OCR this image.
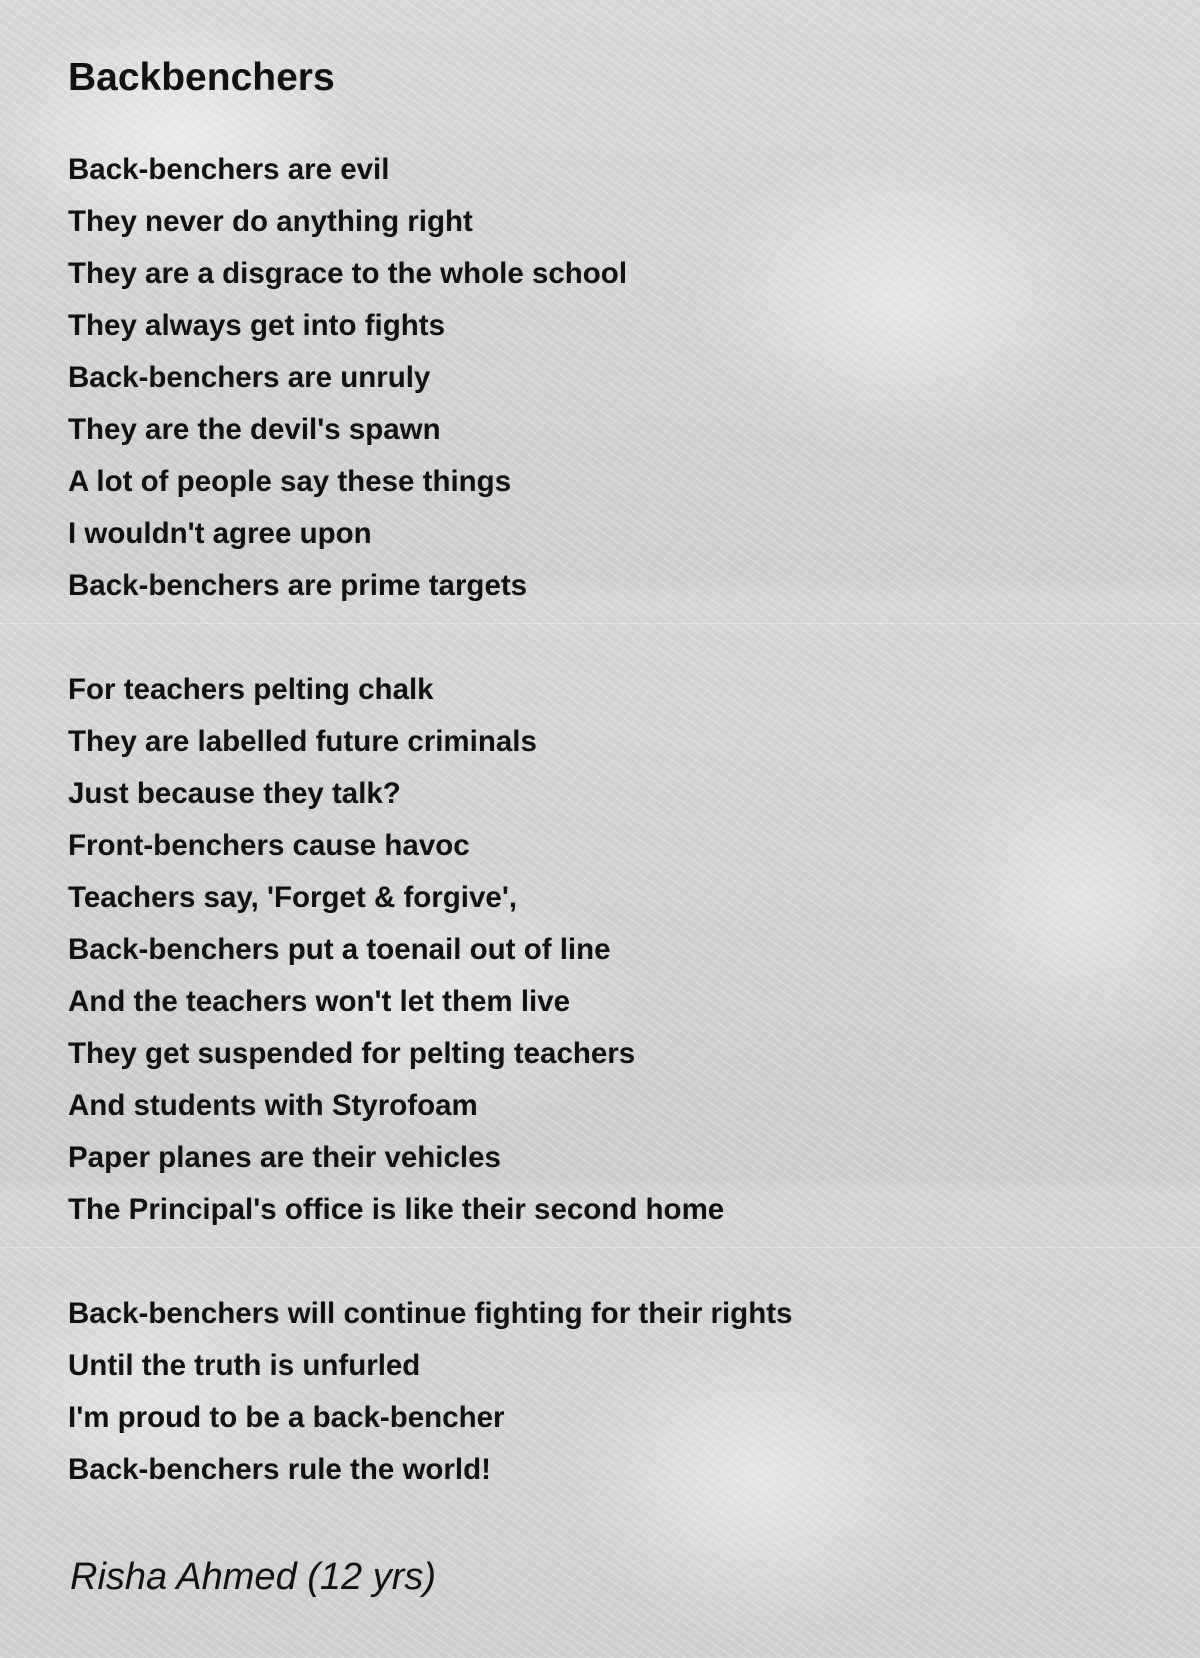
Backbenchers
Back-benchers are evil
They never do anything right
They are a disgrace to the whole school
They always get into fights
Back-benchers are unruly
They are the devil's spawn
A lot of people say these things
I wouldn't agree upon
Back-benchers are prime targets
For teachers pelting chalk
They are labelled future criminals
Just because they talk?
Front-benchers cause havoc
Teachers say, 'Forget & forgive',
Back-benchers put a toenail out of line
And the teachers won't let them live
They get suspended for pelting teachers
And students with Styrofoam
Paper planes are their vehicles
The Principal's office is like their second home
Back-benchers will continue fighting for their rights
Until the truth is unfurled
I'm proud to be a back-bencher
Back-benchers rule the world!
Risha Ahmed (12 yrs)
